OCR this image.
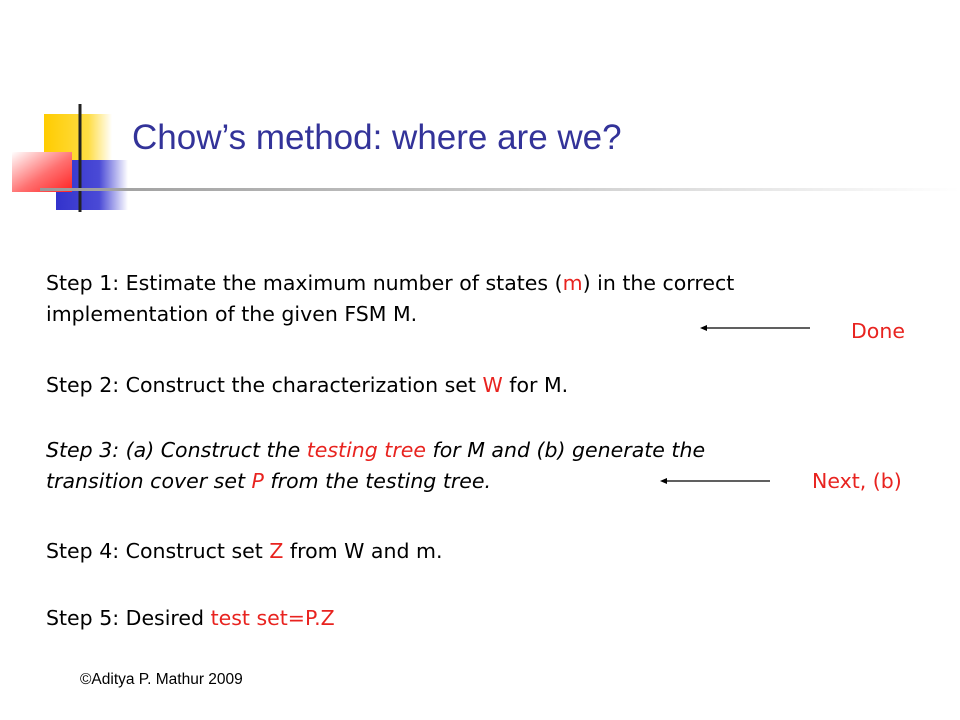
Chow’s method: where are we?
Step 1: Estimate the maximum number of states (m) in the correct
implementation of the given FSM M.
Step 2: Construct the characterization set W for M.
Step 3: (a) Construct the testing tree for M and (b) generate the
transition cover set P from the testing tree.
Step 4: Construct set Z from W and m.
Step 5: Desired test set=P.Z
Done
Next, (b)
©Aditya P. Mathur 2009
